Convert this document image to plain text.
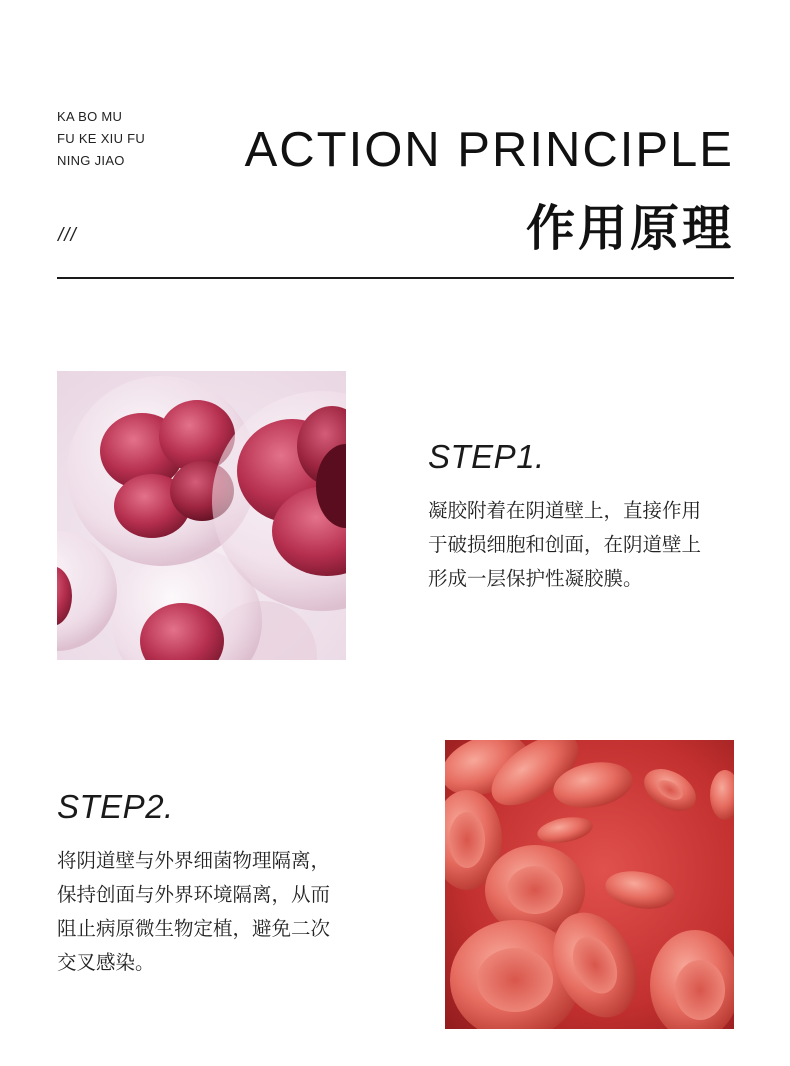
KA BO MU
FU KE XIU FU
NING JIAO
///
ACTION PRINCIPLE
作用原理
STEP1.
凝胶附着在阴道壁上，直接作用
于破损细胞和创面，在阴道壁上
形成一层保护性凝胶膜。
STEP2.
将阴道壁与外界细菌物理隔离，
保持创面与外界环境隔离，从而
阻止病原微生物定植，避免二次
交叉感染。
